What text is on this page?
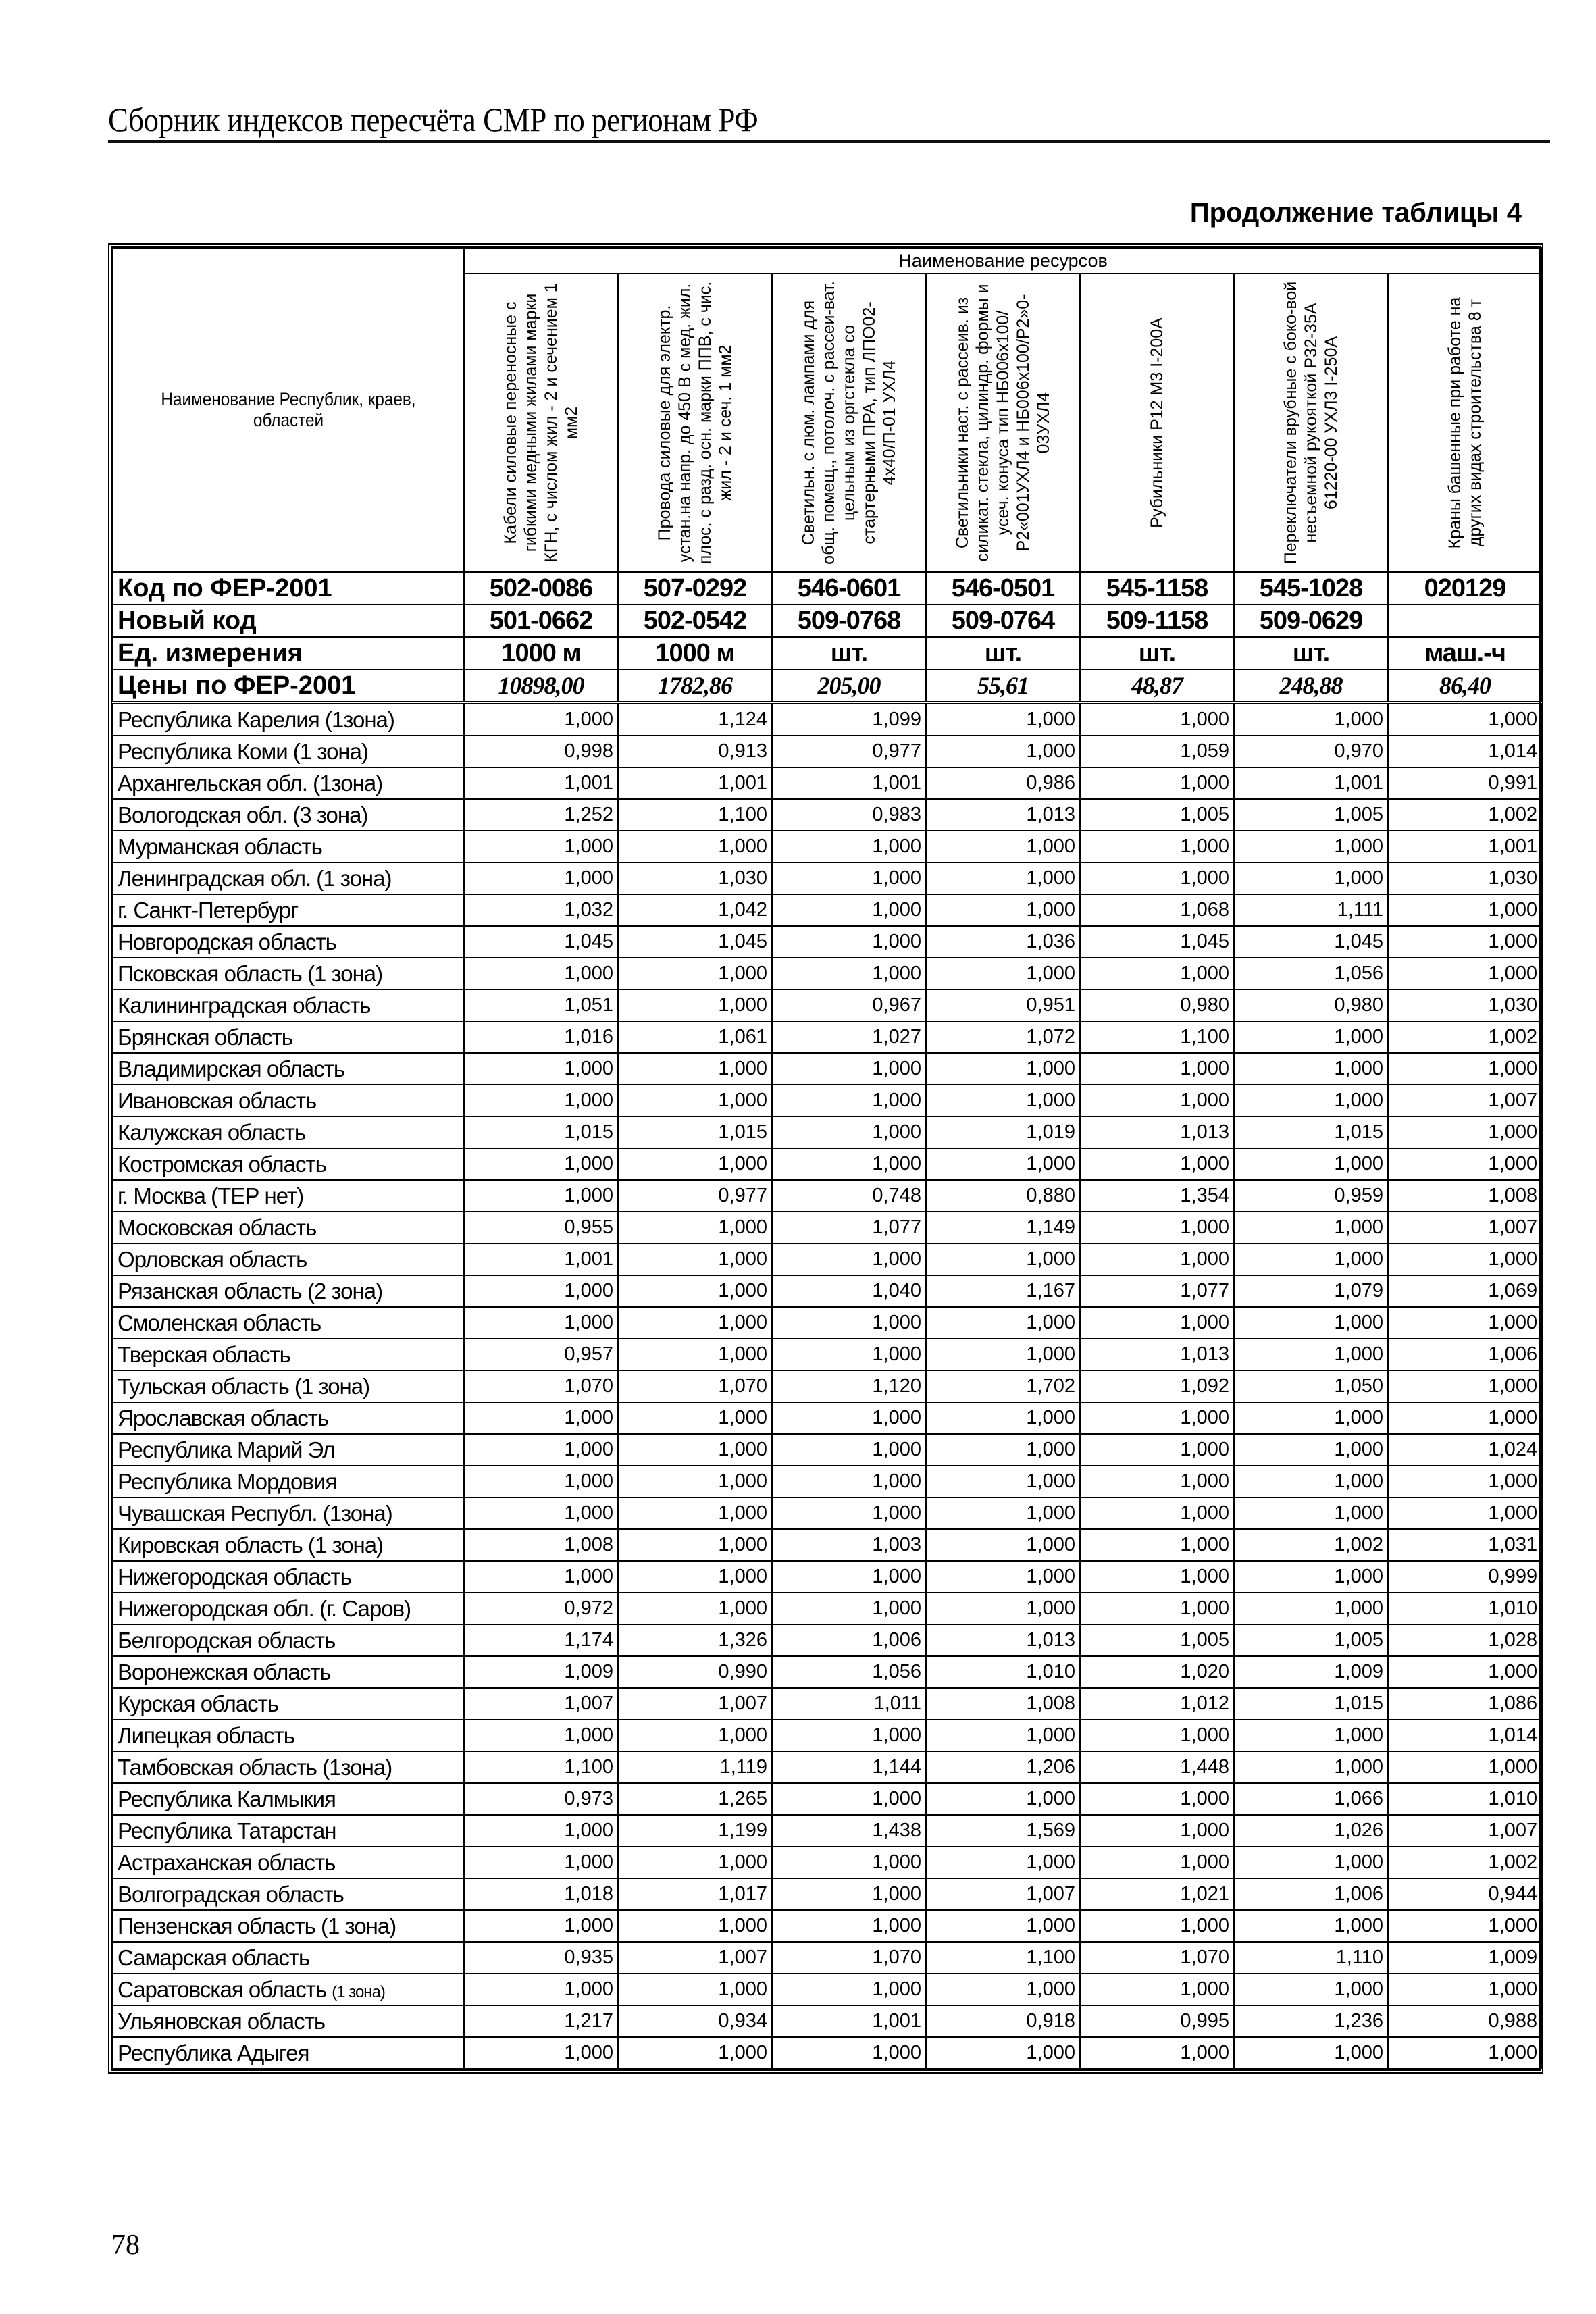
Сборник индексов пересчёта СМР по регионам РФ
Продолжение таблицы 4
Наименование Республик, краев, областей	Наименование ресурсов						

	Кабели силовые переносные с гибкими медными жилами марки КГН, с числом жил - 2 и сечением 1 мм2	Провода силовые для электр. устан.на напр. до 450 В с мед. жил. плос. с разд. осн. марки ППВ, с чис. жил - 2 и сеч. 1 мм2	Светильн. с люм. лампами для общ. помещ., потолоч. с рассеи-ват. цельным из оргстекла со стартерными ПРА, тип ЛПО02-4х40/П-01 УХЛ4	Светильники наст. с рассеив. из силикат. стекла, цилиндр. формы и усеч. конуса тип НБ006х100/Р2«001УХЛ4 и НБ006х100/Р2»0-03УХЛ4	Рубильники Р12 М3 I-200А	Переключатели врубные с боко-вой несъемной рукояткой Р32-35А 61220-00 УХЛ3 I-250А	Краны башенные при работе на других видах строительства 8 т

Код по ФЕР-2001	502-0086	507-0292	546-0601	546-0501	545-1158	545-1028	020129
Новый код	501-0662	502-0542	509-0768	509-0764	509-1158	509-0629	
Ед. измерения	1000 м	1000 м	шт.	шт.	шт.	шт.	маш.-ч
Цены по ФЕР-2001	10898,00	1782,86	205,00	55,61	48,87	248,88	86,40
Республика Карелия (1зона)	1,000	1,124	1,099	1,000	1,000	1,000	1,000
Республика Коми (1 зона)	0,998	0,913	0,977	1,000	1,059	0,970	1,014
Архангельская обл. (1зона)	1,001	1,001	1,001	0,986	1,000	1,001	0,991
Вологодская обл. (3 зона)	1,252	1,100	0,983	1,013	1,005	1,005	1,002
Мурманская область	1,000	1,000	1,000	1,000	1,000	1,000	1,001
Ленинградская обл. (1 зона)	1,000	1,030	1,000	1,000	1,000	1,000	1,030
г. Санкт-Петербург	1,032	1,042	1,000	1,000	1,068	1,111	1,000
Новгородская область	1,045	1,045	1,000	1,036	1,045	1,045	1,000
Псковская область (1 зона)	1,000	1,000	1,000	1,000	1,000	1,056	1,000
Калининградская область	1,051	1,000	0,967	0,951	0,980	0,980	1,030
Брянская область	1,016	1,061	1,027	1,072	1,100	1,000	1,002
Владимирская область	1,000	1,000	1,000	1,000	1,000	1,000	1,000
Ивановская область	1,000	1,000	1,000	1,000	1,000	1,000	1,007
Калужская область	1,015	1,015	1,000	1,019	1,013	1,015	1,000
Костромская область	1,000	1,000	1,000	1,000	1,000	1,000	1,000
г. Москва (ТЕР нет)	1,000	0,977	0,748	0,880	1,354	0,959	1,008
Московская область	0,955	1,000	1,077	1,149	1,000	1,000	1,007
Орловская область	1,001	1,000	1,000	1,000	1,000	1,000	1,000
Рязанская область (2 зона)	1,000	1,000	1,040	1,167	1,077	1,079	1,069
Смоленская область	1,000	1,000	1,000	1,000	1,000	1,000	1,000
Тверская область	0,957	1,000	1,000	1,000	1,013	1,000	1,006
Тульская область (1 зона)	1,070	1,070	1,120	1,702	1,092	1,050	1,000
Ярославская область	1,000	1,000	1,000	1,000	1,000	1,000	1,000
Республика Марий Эл	1,000	1,000	1,000	1,000	1,000	1,000	1,024
Республика Мордовия	1,000	1,000	1,000	1,000	1,000	1,000	1,000
Чувашская Республ. (1зона)	1,000	1,000	1,000	1,000	1,000	1,000	1,000
Кировская область (1 зона)	1,008	1,000	1,003	1,000	1,000	1,002	1,031
Нижегородская область	1,000	1,000	1,000	1,000	1,000	1,000	0,999
Нижегородская обл. (г. Саров)	0,972	1,000	1,000	1,000	1,000	1,000	1,010
Белгородская область	1,174	1,326	1,006	1,013	1,005	1,005	1,028
Воронежская область	1,009	0,990	1,056	1,010	1,020	1,009	1,000
Курская область	1,007	1,007	1,011	1,008	1,012	1,015	1,086
Липецкая область	1,000	1,000	1,000	1,000	1,000	1,000	1,014
Тамбовская область (1зона)	1,100	1,119	1,144	1,206	1,448	1,000	1,000
Республика Калмыкия	0,973	1,265	1,000	1,000	1,000	1,066	1,010
Республика Татарстан	1,000	1,199	1,438	1,569	1,000	1,026	1,007
Астраханская область	1,000	1,000	1,000	1,000	1,000	1,000	1,002
Волгоградская область	1,018	1,017	1,000	1,007	1,021	1,006	0,944
Пензенская область (1 зона)	1,000	1,000	1,000	1,000	1,000	1,000	1,000
Самарская область	0,935	1,007	1,070	1,100	1,070	1,110	1,009
Саратовская область (1 зона)	1,000	1,000	1,000	1,000	1,000	1,000	1,000
Ульяновская область	1,217	0,934	1,001	0,918	0,995	1,236	0,988
Республика Адыгея	1,000	1,000	1,000	1,000	1,000	1,000	1,000
78
